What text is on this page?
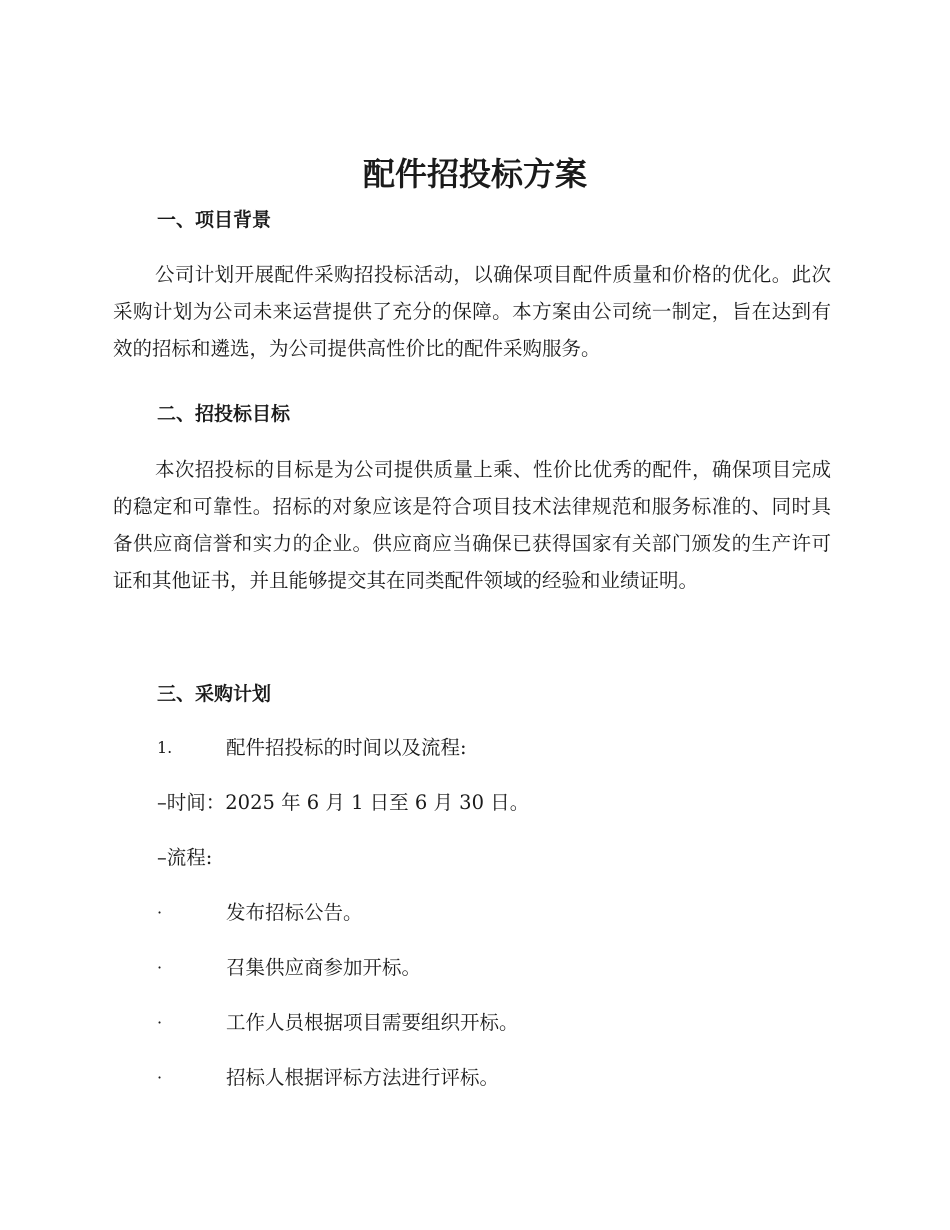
配件招投标方案
一、项目背景

公司计划开展配件采购招投标活动，以确保项目配件质量和价格的优化。此次采购计划为公司未来运营提供了充分的保障。本方案由公司统一制定，旨在达到有效的招标和遴选，为公司提供高性价比的配件采购服务。

二、招投标目标

本次招投标的目标是为公司提供质量上乘、性价比优秀的配件，确保项目完成的稳定和可靠性。招标的对象应该是符合项目技术法律规范和服务标准的、同时具备供应商信誉和实力的企业。供应商应当确保已获得国家有关部门颁发的生产许可证和其他证书，并且能够提交其在同类配件领域的经验和业绩证明。

三、采购计划
1.	配件招投标的时间以及流程:

–时间：2025 年 6 月 1 日至 6 月 30 日。

–流程:

·	发布招标公告。
·	召集供应商参加开标。
·	工作人员根据项目需要组织开标。
·	招标人根据评标方法进行评标。
